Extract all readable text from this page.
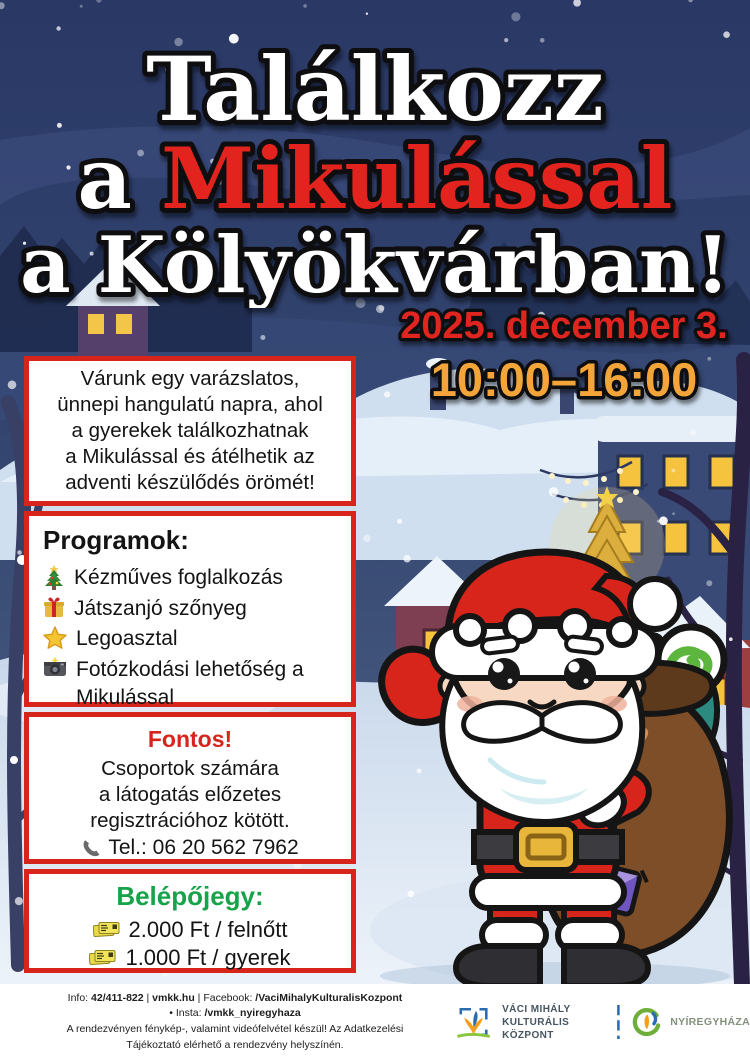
Találkozz
a Mikulással
a Kölyökvárban!
2025. december 3.
10:00–16:00
Várunk egy varázslatos,
ünnepi hangulatú napra, ahol
a gyerekek találkozhatnak
a Mikulással és átélhetik az
adventi készülődés örömét!
Programok:
Kézműves foglalkozás
Játszanjó szőnyeg
Legoasztal
Fotózkodási lehetőség a Mikulással
Fontos!
Csoportok számára
a látogatás előzetes
regisztrációhoz kötött.
Tel.: 06 20 562 7962
Belépőjegy:
2.000 Ft / felnőtt
1.000 Ft / gyerek
Info: 42/411-822 | vmkk.hu | Facebook: /VaciMihalyKulturalisKozpont
• Insta: /vmkk_nyiregyhaza
A rendezvényen fénykép-, valamint videófelvétel készül! Az Adatkezelési
Tájékoztató elérhető a rendezvény helyszínén.
VÁCI MIHÁLY
KULTURÁLIS KÖZPONT
NYÍREGYHÁZA
